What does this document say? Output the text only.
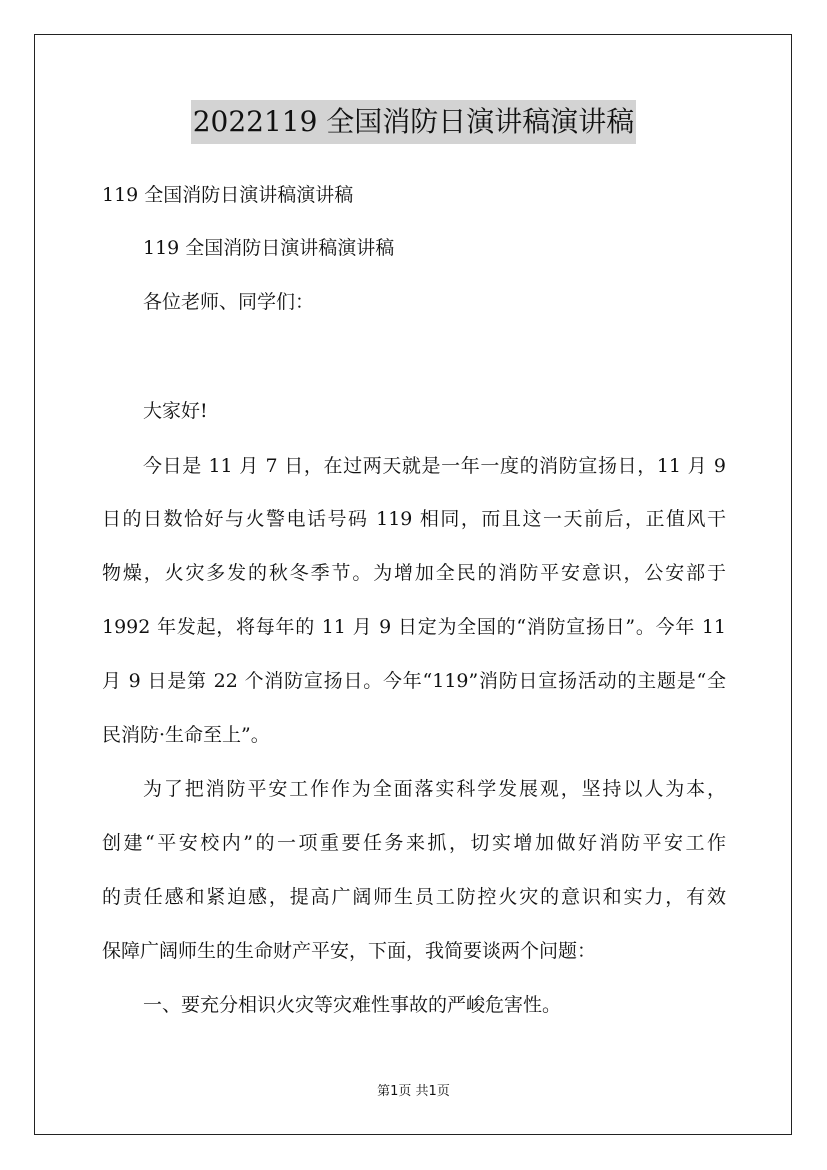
2022119 全国消防日演讲稿演讲稿
119 全国消防日演讲稿演讲稿
119 全国消防日演讲稿演讲稿
各位老师、同学们：
大家好!
今日是 11 月 7 日，在过两天就是一年一度的消防宣扬日，11 月 9
日的日数恰好与火警电话号码 119 相同，而且这一天前后，正值风干
物燥，火灾多发的秋冬季节。为增加全民的消防平安意识，公安部于
1992 年发起，将每年的 11 月 9 日定为全国的“消防宣扬日”。今年 11
月 9 日是第 22 个消防宣扬日。今年“119”消防日宣扬活动的主题是“全
民消防·生命至上”。
为了把消防平安工作作为全面落实科学发展观，坚持以人为本，
创建“平安校内”的一项重要任务来抓，切实增加做好消防平安工作
的责任感和紧迫感，提高广阔师生员工防控火灾的意识和实力，有效
保障广阔师生的生命财产平安，下面，我简要谈两个问题：
一、要充分相识火灾等灾难性事故的严峻危害性。
第1页 共1页
